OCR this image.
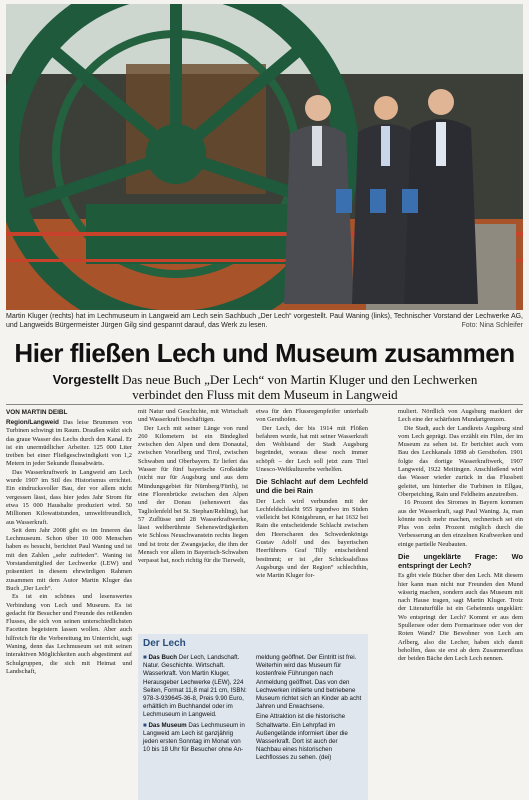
Martin Kluger (rechts) hat im Lechmuseum in Langweid am Lech sein Sachbuch „Der Lech“ vorgestellt. Paul Waning (links), Technischer Vorstand der Lechwerke AG, und Langweids Bürgermeister Jürgen Gilg sind gespannt darauf, das Werk zu lesen.	Foto: Nina Schleifer
Hier fließen Lech und Museum zusammen
Vorgestellt Das neue Buch „Der Lech“ von Martin Kluger und den Lechwerken verbindet den Fluss mit dem Museum in Langweid
VON MARTIN DEIBL

Region/Langweid Das leise Brummen von Turbinen schwingt im Raum. Draußen wälzt sich das graue Wasser des Lechs durch den Kanal. Er ist ein unermüdlicher Arbeiter. 125 000 Liter treiben bei einer Fließgeschwindigkeit von 1,2 Metern in jeder Sekunde flussabwärts.

Das Wasserkraftwerk in Langweid am Lech wurde 1907 im Stil des Historismus errichtet. Ein eindrucksvoller Bau, der vor allem nicht vergessen lässt, dass hier jedes Jahr Strom für etwa 15 000 Haushalte produziert wird. 50 Millionen Kilowattstunden, umweltfreundlich, aus Wasserkraft.

Seit dem Jahr 2008 gibt es im Inneren das Lechmuseum. Schon über 10 000 Menschen haben es besucht, berichtet Paul Waning und ist mit den Zahlen „sehr zufrieden“. Waning ist Vorstandsmitglied der Lechwerke (LEW) und präsentiert in diesem ehrwürdigen Rahmen zusammen mit dem Autor Martin Kluger das Buch „Der Lech“.

Es ist ein schönes und lesenswertes Verbindung von Lech und Museum. Es ist gedacht für Besucher und Freunde des reißenden Flusses, die sich von seinen unterschiedlichsten Facetten begeistern lassen wollen. Aber auch hilfreich für die Vorbereitung im Unterricht, sagt Waning, denn das Lechmuseum sei mit seinen interaktiven Möglichkeiten auch abgestimmt auf Schulgruppen, die sich mit Heimat und Landschaft,

mit Natur und Geschichte, mit Wirtschaft und Wasserkraft beschäftigen.

Der Lech mit seiner Länge von rund 260 Kilometern ist ein Bindeglied zwischen den Alpen und dem Donautal, zwischen Vorarlberg und Tirol, zwischen Schwaben und Oberbayern. Er liefert das Wasser für fünf bayerische Großstädte (nicht nur für Augsburg und aus dem Mündungsgebiet für Nürnberg/Fürth), ist eine Florenbrücke zwischen den Alpen und der Donau (sehenswert das Tagliolenfeld bei St. Stephan/Rehling), hat 57 Zuflüsse und 28 Wasserkraftwerke, lässt weltberühmte Sehenswürdigkeiten wie Schloss Neuschwanstein rechts liegen und ist trotz der Zwangsjacke, die ihm der Mensch vor allem in Bayerisch-Schwaben verpasst hat, noch richtig für die Tierwelt,

etwa für den Flussregenpfeifer unterhalb von Gersthofen.

Der Lech, der bis 1914 mit Flößen befahren wurde, hat mit seiner Wasserkraft den Wohlstand der Stadt Augsburg begründet, woraus diese noch immer schöpft – der Lech soll jetzt zum Titel Unesco-Weltkulturerbe verhelfen.

Die Schlacht auf dem Lechfeld und die bei Rain

Der Lech wird verbunden mit der Lechfeldschlacht 955 irgendwo im Süden vielleicht bei Königsbrunn, er hat 1632 bei Rain die entscheidende Schlacht zwischen den Heerscharen des Schwedenkönigs Gustav Adolf und des bayerischen Heerführers Graf Tilly entscheidend bestimmt; er ist „der Schicksalsfluss Augsburgs und der Region“ schlechthin, wie Martin Kluger for-

muliert. Nördlich von Augsburg markiert der Lech eine der schärfsten Mundartgrenzen.

Die Stadt, auch der Landkreis Augsburg sind vom Lech geprägt. Das erzählt ein Film, der im Museum zu sehen ist. Er berichtet auch vom Bau des Lechkanals 1898 ab Gersthofen. 1901 folgte das dortige Wasserkraftwerk, 1907 Langweid, 1922 Meitingen. Anschließend wird das Wasser wieder zurück in das Flussbett geleitet, um hinterher die Turbinen in Ellgau, Oberpeiching, Rain und Feldheim anzutreiben.

16 Prozent des Stromes in Bayern kommen aus der Wasserkraft, sagt Paul Waning. Ja, man könnte noch mehr machen, rechnerisch sei ein Plus von zehn Prozent möglich durch die Verbesserung an den einzelnen Kraftwerken und einige partielle Neubauten.

Die ungeklärte Frage: Wo entspringt der Lech?

Es gibt viele Bücher über den Lech. Mit diesem hier kann man nicht nur Freunden den Mund wässrig machen, sondern auch das Museum mit nach Hause tragen, sagt Martin Kluger. Trotz der Literaturfülle ist ein Geheimnis ungeklärt: Wo entspringt der Lech? Kommt er aus dem Spullersee oder dem Formarinsee oder von der Roten Wand? Die Bewohner von Lech am Arlberg, also die Lecher, haben sich damit beholfen, dass sie erst ab dem Zusammenfluss der beiden Bäche den Lech Lech nennen.

Der Lech

■ Das Buch Der Lech, Landschaft. Natur. Geschichte. Wirtschaft. Wasserkraft. Von Martin Kluger, Herausgeber Lechwerke (LEW), 224 Seiten, Format 11,8 mal 21 cm, ISBN: 978-3-939645-36-8, Preis 9.90 Euro, erhältlich im Buchhandel oder im Lechmuseum in Langweid.

■ Das Museum Das Lechmuseum in Langweid am Lech ist ganzjährig jeden ersten Sonntag im Monat von 10 bis 18 Uhr für Besucher ohne An-

meldung geöffnet. Der Eintritt ist frei. Weiterhin wird das Museum für kostenfreie Führungen nach Anmeldung geöffnet. Das von den Lechwerken initiierte und betriebene Museum richtet sich an Kinder ab acht Jahren und Erwachsene.

Eine Attraktion ist die historische Schaltwarte. Ein Lehrpfad im Außengelände informiert über die Wasserkraft. Dort ist auch der Nachbau eines historischen Lechflosses zu sehen. (dei)
